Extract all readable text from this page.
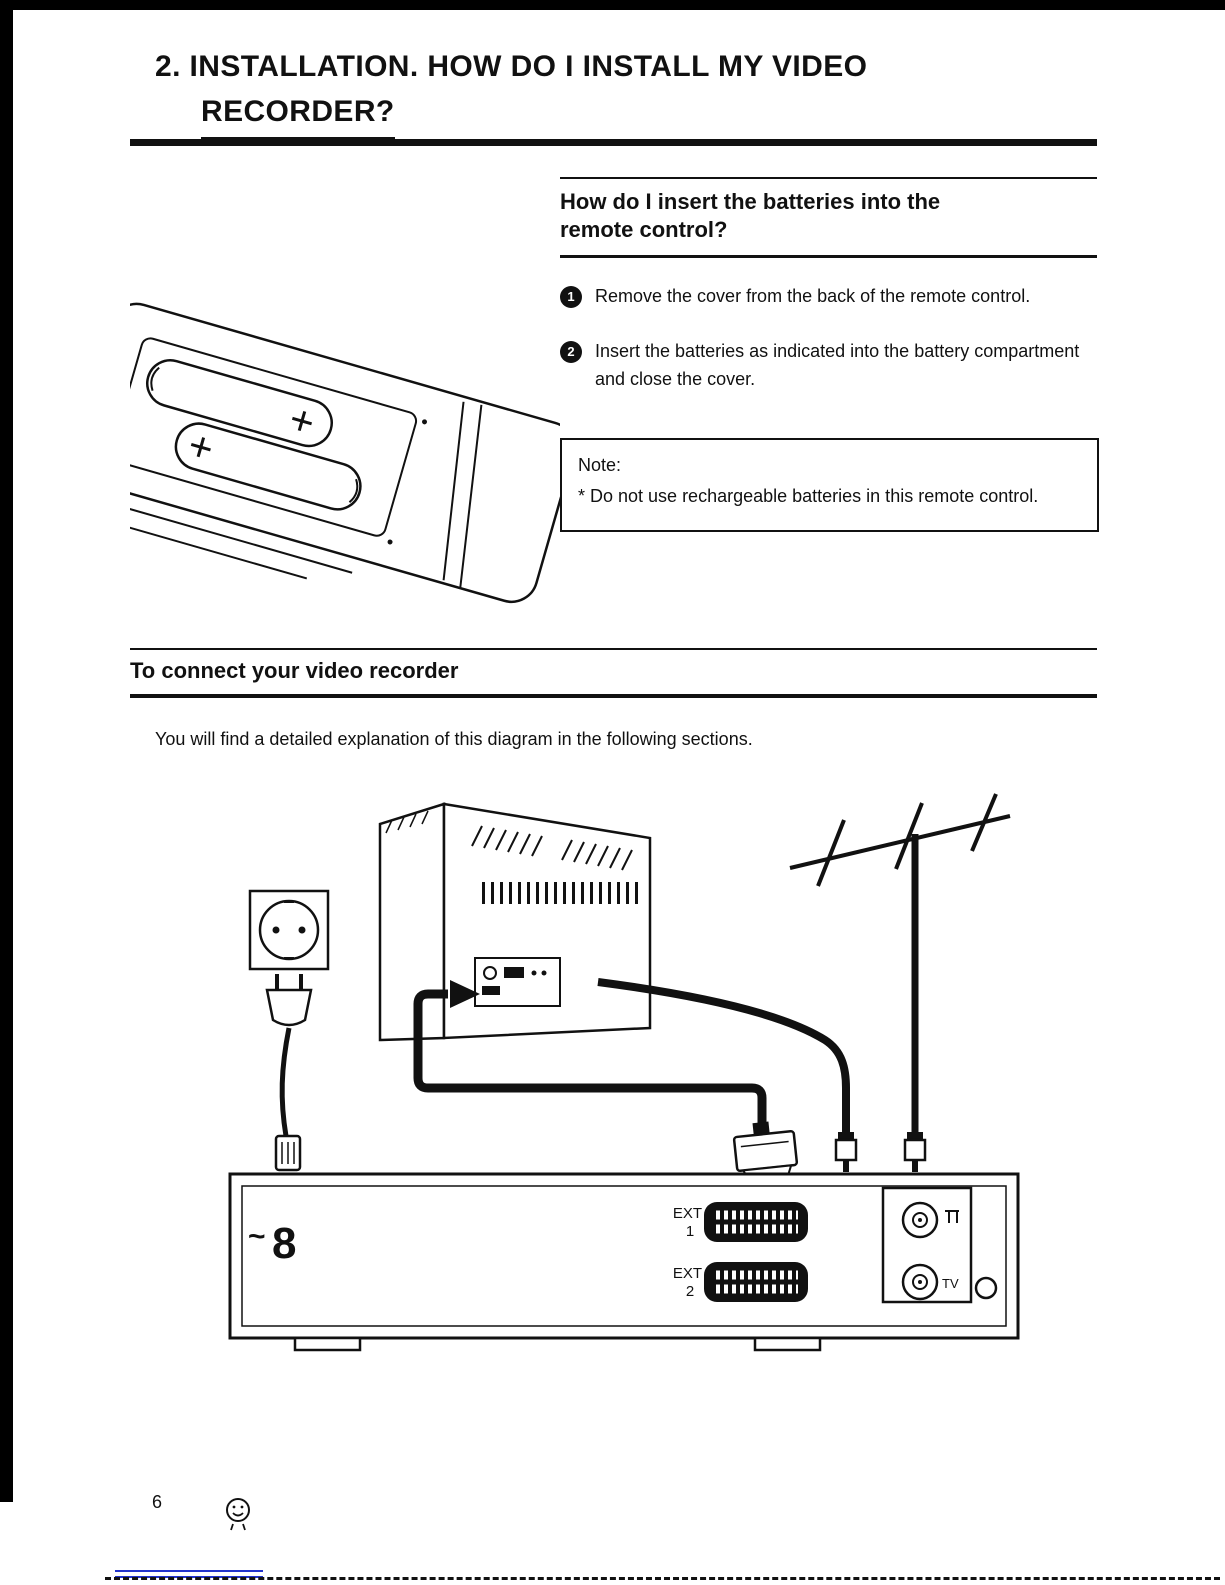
2. INSTALLATION. HOW DO I INSTALL MY VIDEO
RECORDER?
How do I insert the batteries into the
remote control?
1	Remove the cover from the back of the remote control.
2	Insert the batteries as indicated into the battery compartment and close the cover.
Note:
* Do not use rechargeable batteries in this remote control.
To connect your video recorder
You will find a detailed explanation of this diagram in the following sections.
~ 8
EXT
1
EXT
2	TV
6
